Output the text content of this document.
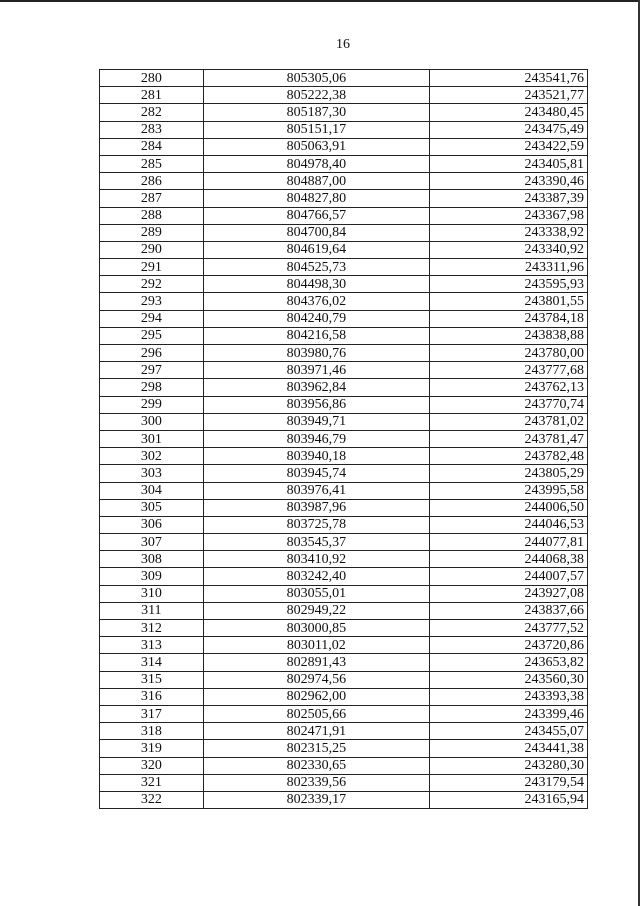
16
280	805305,06	243541,76
281	805222,38	243521,77
282	805187,30	243480,45
283	805151,17	243475,49
284	805063,91	243422,59
285	804978,40	243405,81
286	804887,00	243390,46
287	804827,80	243387,39
288	804766,57	243367,98
289	804700,84	243338,92
290	804619,64	243340,92
291	804525,73	243311,96
292	804498,30	243595,93
293	804376,02	243801,55
294	804240,79	243784,18
295	804216,58	243838,88
296	803980,76	243780,00
297	803971,46	243777,68
298	803962,84	243762,13
299	803956,86	243770,74
300	803949,71	243781,02
301	803946,79	243781,47
302	803940,18	243782,48
303	803945,74	243805,29
304	803976,41	243995,58
305	803987,96	244006,50
306	803725,78	244046,53
307	803545,37	244077,81
308	803410,92	244068,38
309	803242,40	244007,57
310	803055,01	243927,08
311	802949,22	243837,66
312	803000,85	243777,52
313	803011,02	243720,86
314	802891,43	243653,82
315	802974,56	243560,30
316	802962,00	243393,38
317	802505,66	243399,46
318	802471,91	243455,07
319	802315,25	243441,38
320	802330,65	243280,30
321	802339,56	243179,54
322	802339,17	243165,94
